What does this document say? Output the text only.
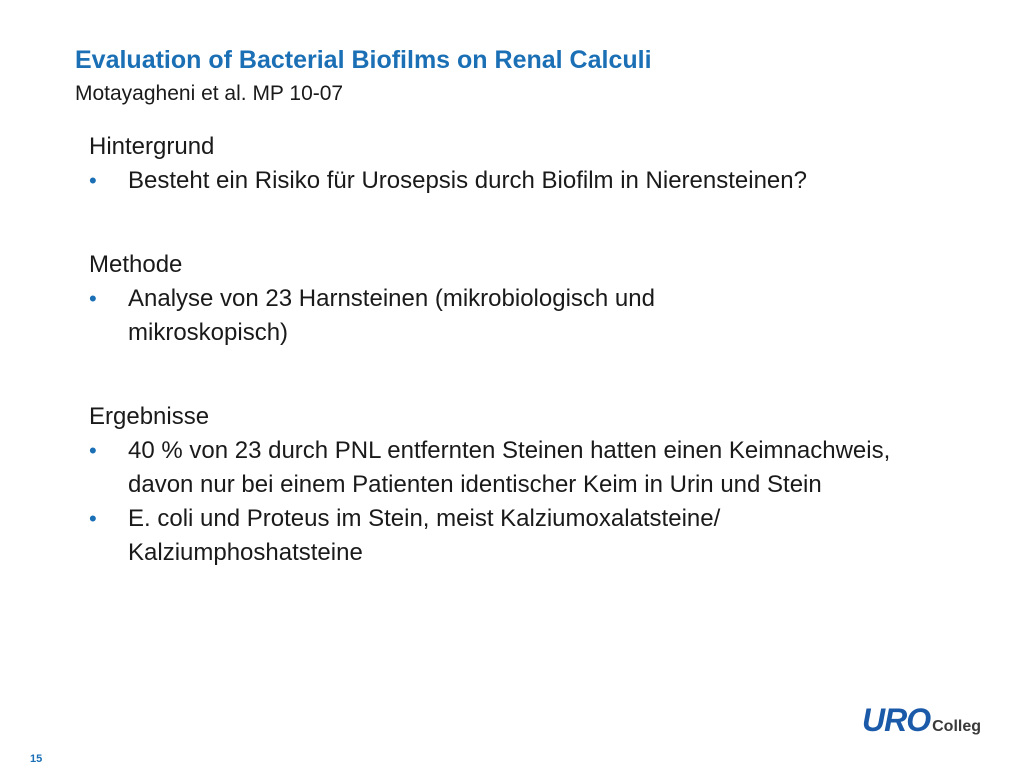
Evaluation of Bacterial Biofilms on Renal Calculi

Motayagheni et al. MP 10-07

Hintergrund

•	Besteht ein Risiko für Urosepsis durch Biofilm in Nierensteinen?

Methode

•	Analyse von 23 Harnsteinen (mikrobiologisch und mikroskopisch)

Ergebnisse

•	40 % von 23 durch PNL entfernten Steinen hatten einen Keimnachweis, davon nur bei einem Patienten identischer Keim in Urin und Stein
•	E. coli und Proteus im Stein, meist Kalziumoxalatsteine/ Kalziumphoshatsteine
URO Colleg
15
